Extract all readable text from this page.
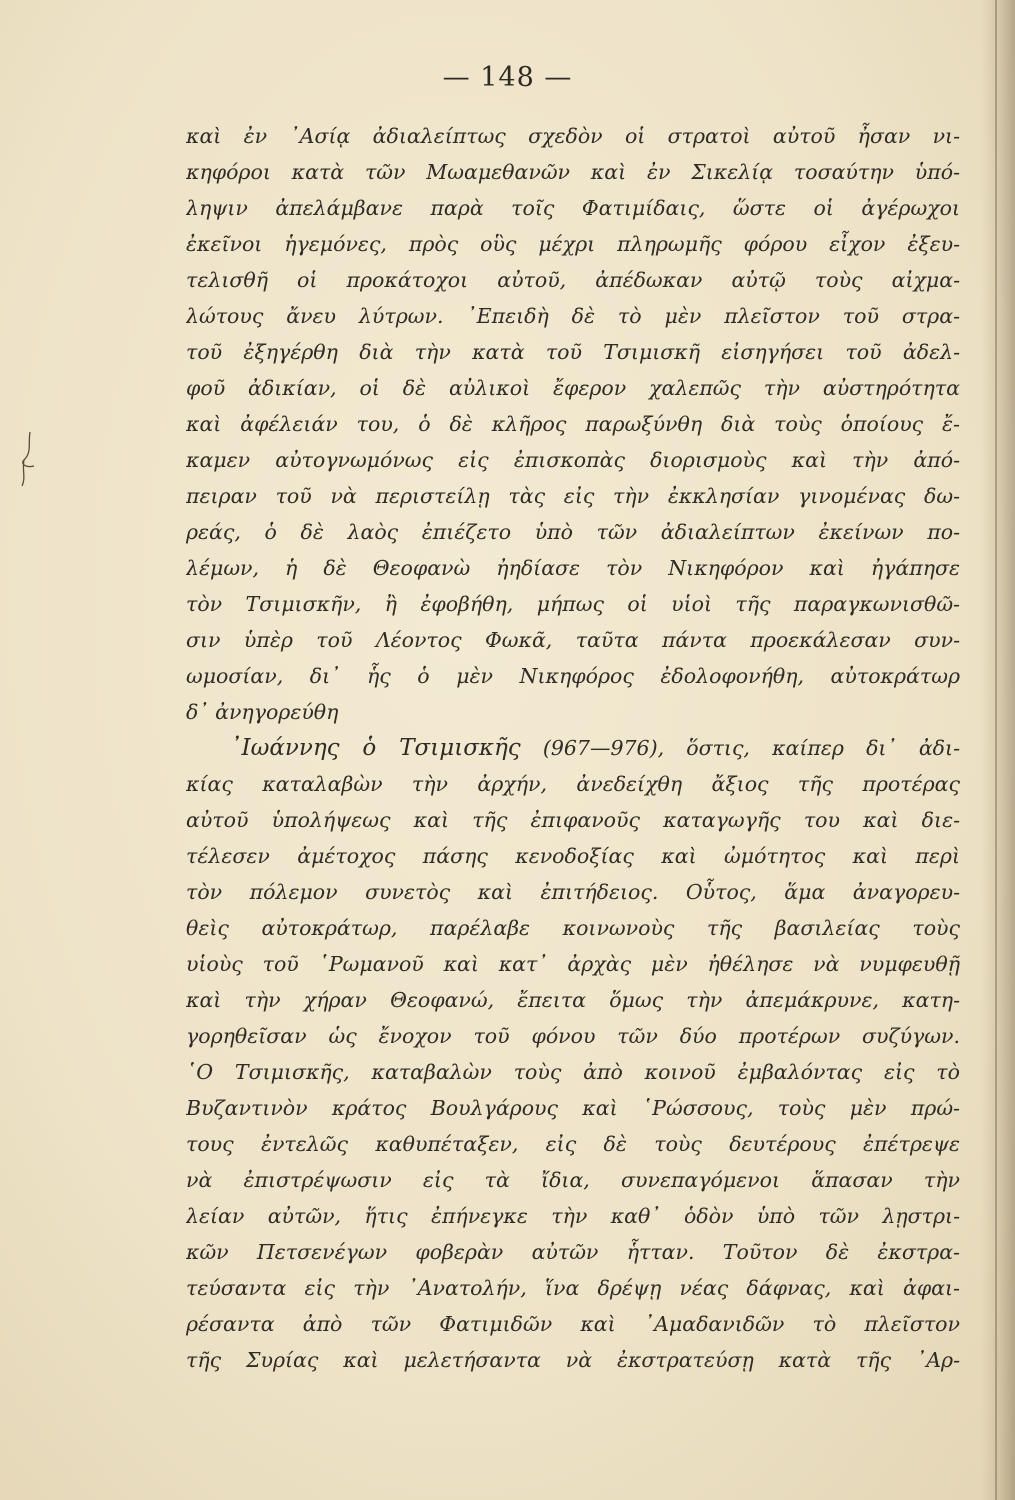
— 148 —
καὶ ἐν ᾽Ασίᾳ ἀδιαλείπτως σχεδὸν οἱ στρατοὶ αὐτοῦ ἦσαν νι-
κηφόροι κατὰ τῶν Μωαμεθανῶν καὶ ἐν Σικελίᾳ τοσαύτην ὑπό-
ληψιν ἀπελάμβανε παρὰ τοῖς Φατιμίδαις, ὥστε οἱ ἀγέρωχοι
ἐκεῖνοι ἡγεμόνες, πρὸς οὓς μέχρι πληρωμῆς φόρου εἶχον ἐξευ-
τελισθῆ οἱ προκάτοχοι αὐτοῦ, ἀπέδωκαν αὐτῷ τοὺς αἰχμα-
λώτους ἄνευ λύτρων. ᾽Επειδὴ δὲ τὸ μὲν πλεῖστον τοῦ στρα-
τοῦ ἐξηγέρθη διὰ τὴν κατὰ τοῦ Τσιμισκῆ εἰσηγήσει τοῦ ἀδελ-
φοῦ ἀδικίαν, οἱ δὲ αὐλικοὶ ἔφερον χαλεπῶς τὴν αὐστηρότητα
καὶ ἀφέλειάν του, ὁ δὲ κλῆρος παρωξύνθη διὰ τοὺς ὁποίους ἔ-
καμεν αὐτογνωμόνως εἰς ἐπισκοπὰς διορισμοὺς καὶ τὴν ἀπό-
πειραν τοῦ νὰ περιστείλῃ τὰς εἰς τὴν ἐκκλησίαν γινομένας δω-
ρεάς, ὁ δὲ λαὸς ἐπιέζετο ὑπὸ τῶν ἀδιαλείπτων ἐκείνων πο-
λέμων, ἡ δὲ Θεοφανὼ ἠηδίασε τὸν Νικηφόρον καὶ ἠγάπησε
τὸν Τσιμισκῆν, ἢ ἐφοβήθη, μήπως οἱ υἱοὶ τῆς παραγκωνισθῶ-
σιν ὑπὲρ τοῦ Λέοντος Φωκᾶ, ταῦτα πάντα προεκάλεσαν συν-
ωμοσίαν, δι᾽ ἧς ὁ μὲν Νικηφόρος ἐδολοφονήθη, αὐτοκράτωρ
δ᾽ ἀνηγορεύθη
᾽Ιωάννης ὁ Τσιμισκῆς (967—976), ὅστις, καίπερ δι᾽ ἀδι-
κίας καταλαβὼν τὴν ἀρχήν, ἀνεδείχθη ἄξιος τῆς προτέρας
αὐτοῦ ὑπολήψεως καὶ τῆς ἐπιφανοῦς καταγωγῆς του καὶ διε-
τέλεσεν ἀμέτοχος πάσης κενοδοξίας καὶ ὠμότητος καὶ περὶ
τὸν πόλεμον συνετὸς καὶ ἐπιτήδειος. Οὗτος, ἅμα ἀναγορευ-
θεὶς αὐτοκράτωρ, παρέλαβε κοινωνοὺς τῆς βασιλείας τοὺς
υἱοὺς τοῦ ῾Ρωμανοῦ καὶ κατ᾽ ἀρχὰς μὲν ἠθέλησε νὰ νυμφευθῇ
καὶ τὴν χήραν Θεοφανώ, ἔπειτα ὅμως τὴν ἀπεμάκρυνε, κατη-
γορηθεῖσαν ὡς ἔνοχον τοῦ φόνου τῶν δύο προτέρων συζύγων.
῾Ο Τσιμισκῆς, καταβαλὼν τοὺς ἀπὸ κοινοῦ ἐμβαλόντας εἰς τὸ
Βυζαντινὸν κράτος Βουλγάρους καὶ ῾Ρώσσους, τοὺς μὲν πρώ-
τους ἐντελῶς καθυπέταξεν, εἰς δὲ τοὺς δευτέρους ἐπέτρεψε
νὰ ἐπιστρέψωσιν εἰς τὰ ἴδια, συνεπαγόμενοι ἅπασαν τὴν
λείαν αὐτῶν, ἥτις ἐπήνεγκε τὴν καθ᾽ ὁδὸν ὑπὸ τῶν λῃστρι-
κῶν Πετσενέγων φοβερὰν αὐτῶν ἧτταν. Τοῦτον δὲ ἐκστρα-
τεύσαντα εἰς τὴν ᾽Ανατολήν, ἵνα δρέψῃ νέας δάφνας, καὶ ἀφαι-
ρέσαντα ἀπὸ τῶν Φατιμιδῶν καὶ ᾽Αμαδανιδῶν τὸ πλεῖστον
τῆς Συρίας καὶ μελετήσαντα νὰ ἐκστρατεύσῃ κατὰ τῆς ᾽Αρ-
